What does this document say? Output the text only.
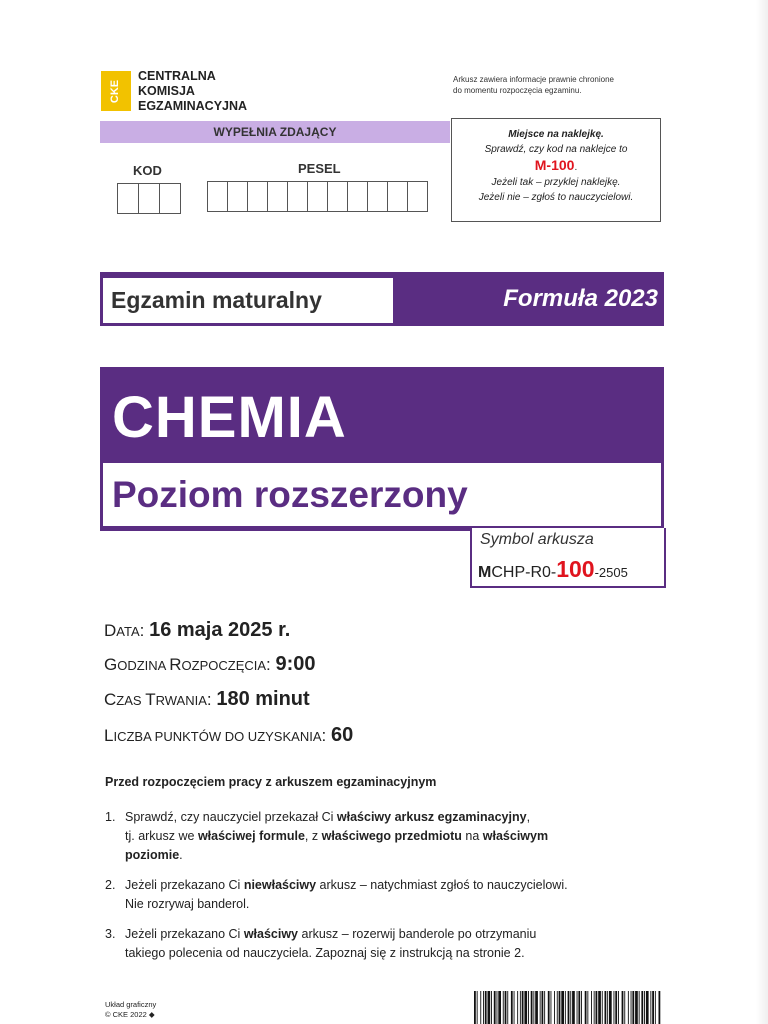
CKE
CENTRALNA
KOMISJA
EGZAMINACYJNA
Arkusz zawiera informacje prawnie chronione
do momentu rozpoczęcia egzaminu.
WYPEŁNIA ZDAJĄCY
KOD	PESEL
Miejsce na naklejkę.
Sprawdź, czy kod na naklejce to
M-100.
Jeżeli tak – przyklej naklejkę.
Jeżeli nie – zgłoś to nauczycielowi.
Egzamin maturalny	Formuła 2023
CHEMIA
Poziom rozszerzony
Symbol arkusza
MCHP-R0-100-2505
DATA: 16 maja 2025 r.
GODZINA ROZPOCZĘCIA: 9:00
CZAS TRWANIA: 180 minut
LICZBA PUNKTÓW DO UZYSKANIA: 60
Przed rozpoczęciem pracy z arkuszem egzaminacyjnym
1. Sprawdź, czy nauczyciel przekazał Ci właściwy arkusz egzaminacyjny,
tj. arkusz we właściwej formule, z właściwego przedmiotu na właściwym
poziomie.
2. Jeżeli przekazano Ci niewłaściwy arkusz – natychmiast zgłoś to nauczycielowi.
Nie rozrywaj banderol.
3. Jeżeli przekazano Ci właściwy arkusz – rozerwij banderole po otrzymaniu
takiego polecenia od nauczyciela. Zapoznaj się z instrukcją na stronie 2.
Układ graficzny
© CKE 2022 ◆
